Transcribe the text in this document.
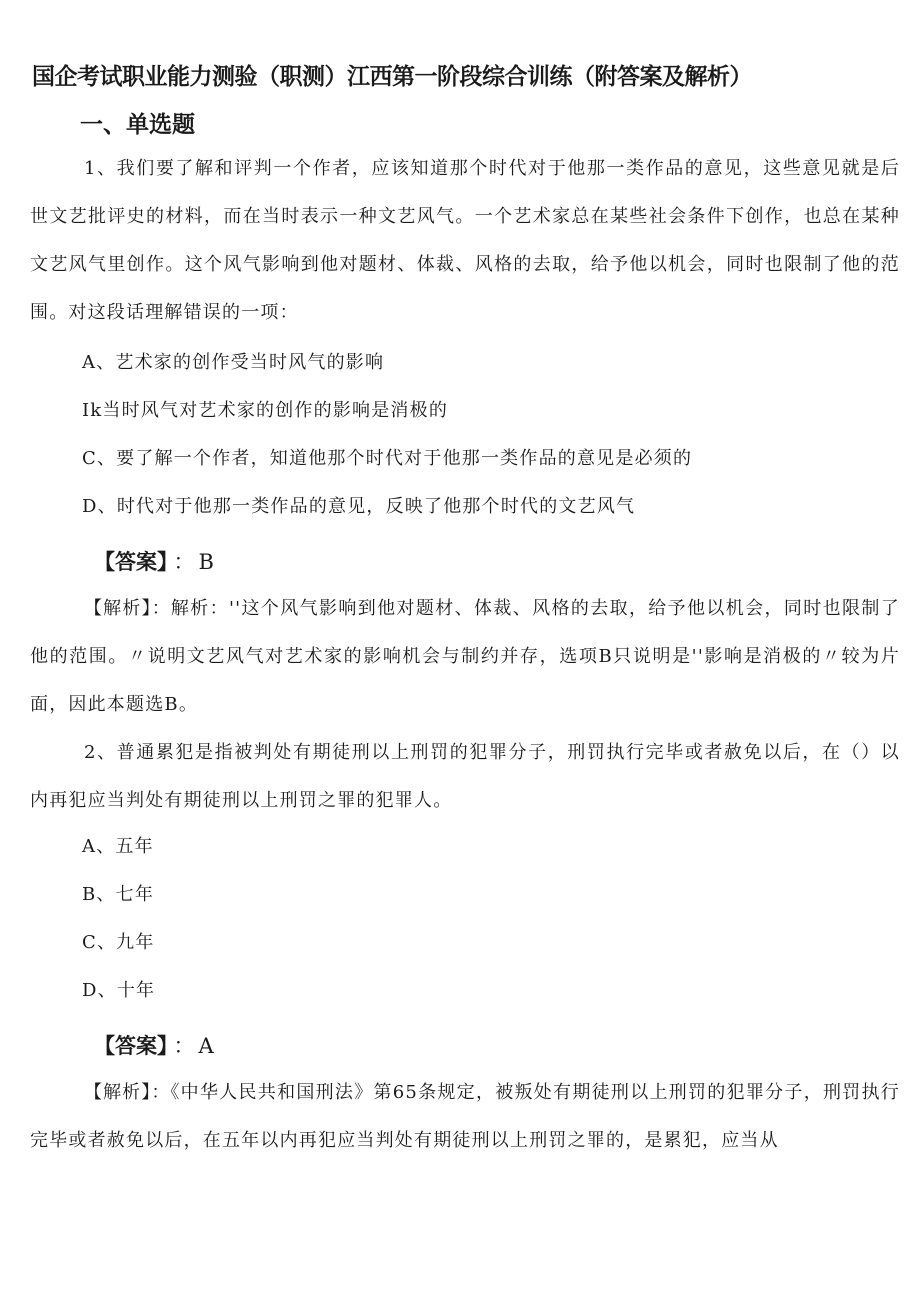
国企考试职业能力测验（职测）江西第一阶段综合训练（附答案及解析）
一、单选题
1、我们要了解和评判一个作者，应该知道那个时代对于他那一类作品的意见，这些意见就是后世文艺批评史的材料，而在当时表示一种文艺风气。一个艺术家总在某些社会条件下创作，也总在某种文艺风气里创作。这个风气影响到他对题材、体裁、风格的去取，给予他以机会，同时也限制了他的范围。对这段话理解错误的一项：
A、艺术家的创作受当时风气的影响
Ik当时风气对艺术家的创作的影响是消极的
C、要了解一个作者，知道他那个时代对于他那一类作品的意见是必须的
D、时代对于他那一类作品的意见，反映了他那个时代的文艺风气
【答案】 ： B
【解析】：解析：''这个风气影响到他对题材、体裁、风格的去取，给予他以机会，同时也限制了他的范围。〃说明文艺风气对艺术家的影响机会与制约并存，选项B只说明是''影响是消极的〃较为片面，因此本题选B。
2、普通累犯是指被判处有期徒刑以上刑罚的犯罪分子，刑罚执行完毕或者赦免以后，在（）以内再犯应当判处有期徒刑以上刑罚之罪的犯罪人。
A、五年
B、七年
C、九年
D、十年
【答案】 ： A
【解析】：《中华人民共和国刑法》第65条规定，被叛处有期徒刑以上刑罚的犯罪分子，刑罚执行完毕或者赦免以后，在五年以内再犯应当判处有期徒刑以上刑罚之罪的，是累犯，应当从
